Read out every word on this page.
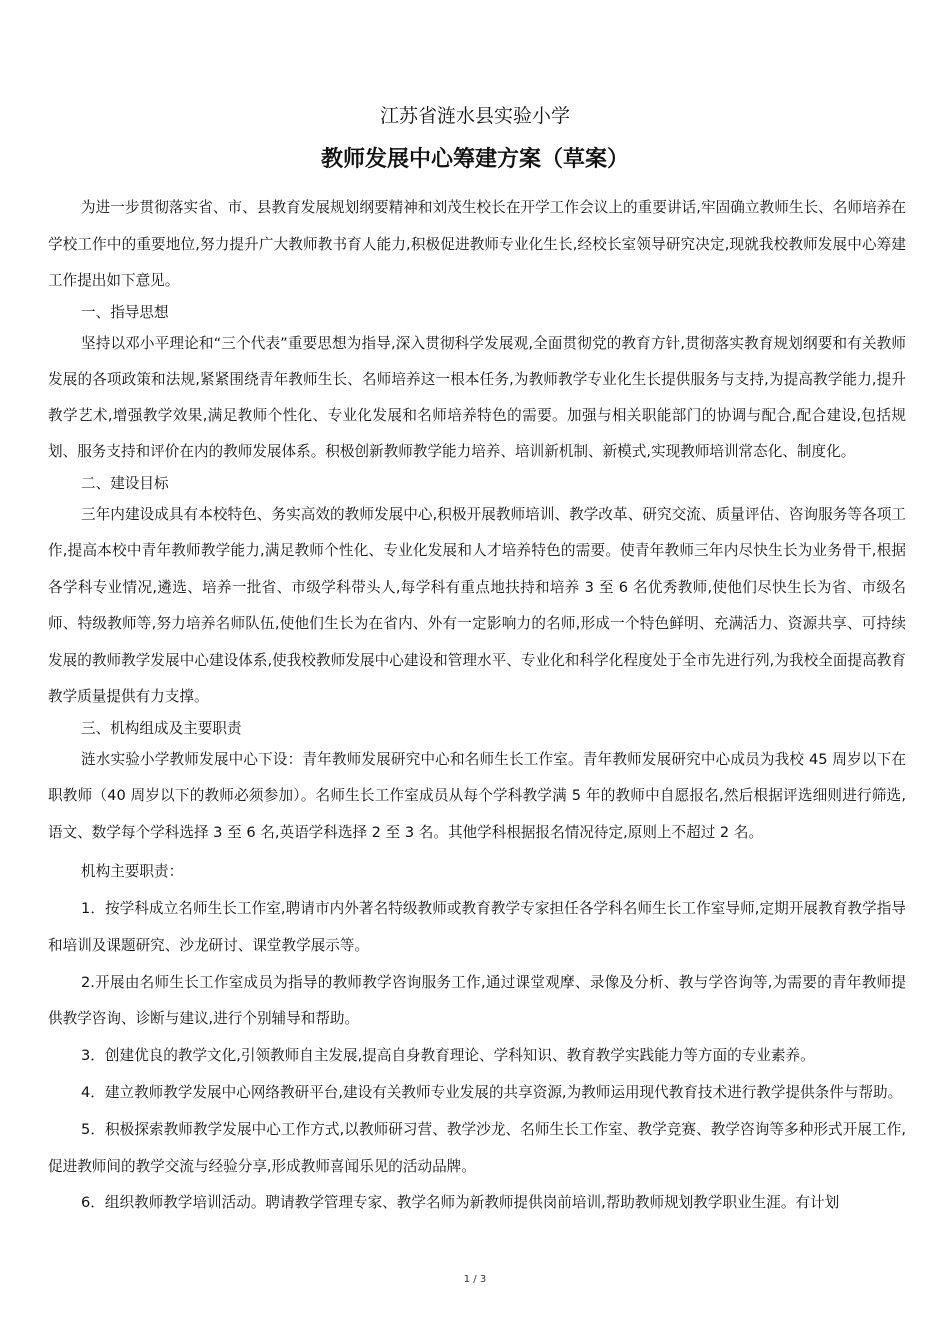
江苏省涟水县实验小学
教师发展中心筹建方案（草案）

为进一步贯彻落实省、市、县教育发展规划纲要精神和刘茂生校长在开学工作会议上的重要讲话,牢固确立教师生长、名师培养在学校工作中的重要地位,努力提升广大教师教书育人能力,积极促进教师专业化生长,经校长室领导研究决定,现就我校教师发展中心筹建工作提出如下意见。

一、指导思想

坚持以邓小平理论和“三个代表”重要思想为指导,深入贯彻科学发展观,全面贯彻党的教育方针,贯彻落实教育规划纲要和有关教师发展的各项政策和法规,紧紧围绕青年教师生长、名师培养这一根本任务,为教师教学专业化生长提供服务与支持,为提高教学能力,提升教学艺术,增强教学效果,满足教师个性化、专业化发展和名师培养特色的需要。加强与相关职能部门的协调与配合,配合建设,包括规划、服务支持和评价在内的教师发展体系。积极创新教师教学能力培养、培训新机制、新模式,实现教师培训常态化、制度化。

二、建设目标

三年内建设成具有本校特色、务实高效的教师发展中心,积极开展教师培训、教学改革、研究交流、质量评估、咨询服务等各项工作,提高本校中青年教师教学能力,满足教师个性化、专业化发展和人才培养特色的需要。使青年教师三年内尽快生长为业务骨干,根据各学科专业情况,遴选、培养一批省、市级学科带头人,每学科有重点地扶持和培养 3 至 6 名优秀教师,使他们尽快生长为省、市级名师、特级教师等,努力培养名师队伍,使他们生长为在省内、外有一定影响力的名师,形成一个特色鲜明、充满活力、资源共享、可持续发展的教师教学发展中心建设体系,使我校教师发展中心建设和管理水平、专业化和科学化程度处于全市先进行列,为我校全面提高教育教学质量提供有力支撑。

三、机构组成及主要职责

涟水实验小学教师发展中心下设：青年教师发展研究中心和名师生长工作室。青年教师发展研究中心成员为我校 45 周岁以下在职教师（40 周岁以下的教师必须参加）。名师生长工作室成员从每个学科教学满 5 年的教师中自愿报名,然后根据评选细则进行筛选,语文、数学每个学科选择 3 至 6 名,英语学科选择 2 至 3 名。其他学科根据报名情况待定,原则上不超过 2 名。

机构主要职责：

1．按学科成立名师生长工作室,聘请市内外著名特级教师或教育教学专家担任各学科名师生长工作室导师,定期开展教育教学指导和培训及课题研究、沙龙研讨、课堂教学展示等。

2.开展由名师生长工作室成员为指导的教师教学咨询服务工作,通过课堂观摩、录像及分析、教与学咨询等,为需要的青年教师提供教学咨询、诊断与建议,进行个别辅导和帮助。

3．创建优良的教学文化,引领教师自主发展,提高自身教育理论、学科知识、教育教学实践能力等方面的专业素养。

4．建立教师教学发展中心网络教研平台,建设有关教师专业发展的共享资源,为教师运用现代教育技术进行教学提供条件与帮助。

5．积极探索教师教学发展中心工作方式,以教师研习营、教学沙龙、名师生长工作室、教学竞赛、教学咨询等多种形式开展工作,促进教师间的教学交流与经验分享,形成教师喜闻乐见的活动品牌。

6．组织教师教学培训活动。聘请教学管理专家、教学名师为新教师提供岗前培训,帮助教师规划教学职业生涯。有计划

1 / 3
